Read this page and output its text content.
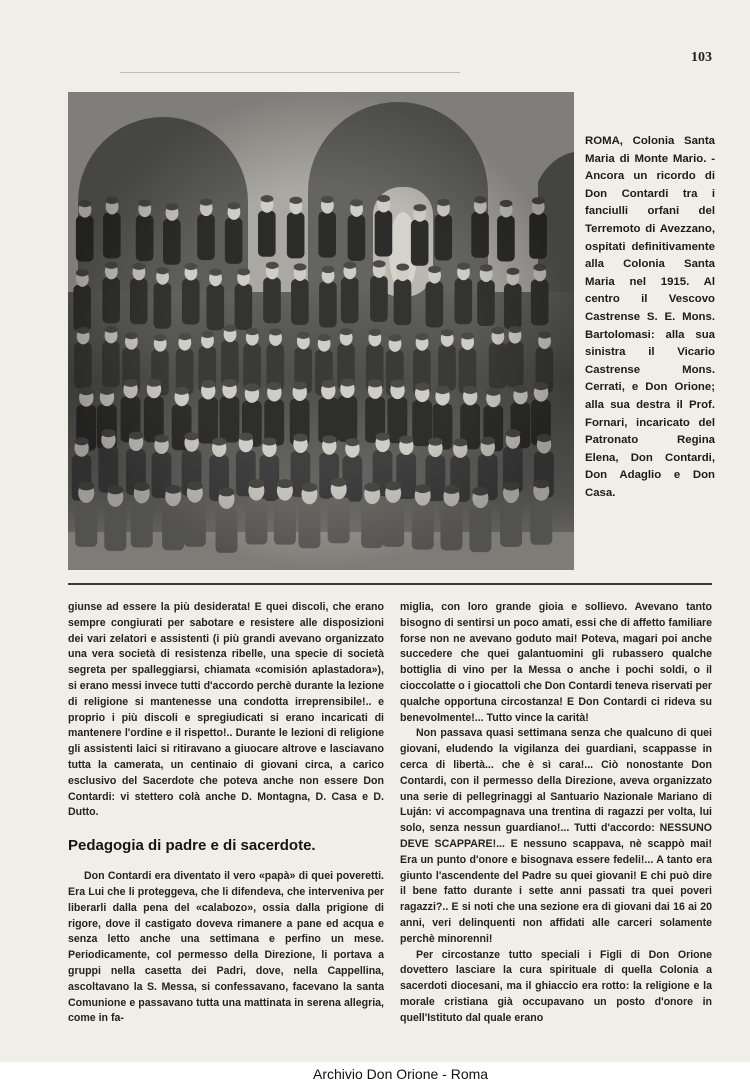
103
ROMA, Colonia Santa Maria di Monte Mario. - Ancora un ricordo di Don Contardi tra i fanciulli orfani del Terremoto di Avezzano, ospitati definitivamente alla Colonia Santa Maria nel 1915. Al centro il Vescovo Castrense S. E. Mons. Bartolomasi: alla sua sinistra il Vicario Castrense Mons. Cerrati, e Don Orione; alla sua destra il Prof. Fornari, incaricato del Patronato Regina Elena, Don Contardi, Don Adaglio e Don Casa.

giunse ad essere la più desiderata! E quei discoli, che erano sempre congiurati per sabotare e resistere alle disposizioni dei vari zelatori e assistenti (i più grandi avevano organizzato una vera società di resistenza ribelle, una specie di società segreta per spalleggiarsi, chiamata «comisión aplastadora»), si erano messi invece tutti d'accordo perchè durante la lezione di religione si mantenesse una condotta irreprensibile!.. e proprio i più discoli e spregiudicati si erano incaricati di mantenere l'ordine e il rispetto!.. Durante le lezioni di religione gli assistenti laici si ritiravano a giuocare altrove e lasciavano tutta la camerata, un centinaio di giovani circa, a carico esclusivo del Sacerdote che poteva anche non essere Don Contardi: vi stettero colà anche D. Montagna, D. Casa e D. Dutto.

Pedagogia di padre e di sacerdote.

Don Contardi era diventato il vero «papà» di quei poveretti. Era Lui che li proteggeva, che li difendeva, che interveniva per liberarli dalla pena del «calabozo», ossia dalla prigione di rigore, dove il castigato doveva rimanere a pane ed acqua e senza letto anche una settimana e perfino un mese. Periodicamente, col permesso della Direzione, li portava a gruppi nella casetta dei Padri, dove, nella Cappellina, ascoltavano la S. Messa, si confessavano, facevano la santa Comunione e passavano tutta una mattinata in serena allegria, come in fa-

miglia, con loro grande gioia e sollievo. Avevano tanto bisogno di sentirsi un poco amati, essi che di affetto familiare forse non ne avevano goduto mai! Poteva, magari poi anche succedere che quei galantuomini gli rubassero qualche bottiglia di vino per la Messa o anche i pochi soldi, o il cioccolatte o i giocattoli che Don Contardi teneva riservati per qualche opportuna circostanza! E Don Contardi ci rideva su benevolmente!... Tutto vince la carità!

Non passava quasi settimana senza che qualcuno di quei giovani, eludendo la vigilanza dei guardiani, scappasse in cerca di libertà... che è sì cara!... Ciò nonostante Don Contardi, con il permesso della Direzione, aveva organizzato una serie di pellegrinaggi al Santuario Nazionale Mariano di Luján: vi accompagnava una trentina di ragazzi per volta, lui solo, senza nessun guardiano!... Tutti d'accordo: NESSUNO DEVE SCAPPARE!... E nessuno scappava, nè scappò mai! Era un punto d'onore e bisognava essere fedeli!... A tanto era giunto l'ascendente del Padre su quei giovani! E chi può dire il bene fatto durante i sette anni passati tra quei poveri ragazzi?.. E si noti che una sezione era di giovani dai 16 ai 20 anni, veri delinquenti non affidati alle carceri solamente perchè minorenni!

Per circostanze tutto speciali i Figli di Don Orione dovettero lasciare la cura spirituale di quella Colonia a sacerdoti diocesani, ma il ghiaccio era rotto: la religione e la morale cristiana già occupavano un posto d'onore in quell'Istituto dal quale erano

Archivio Don Orione - Roma
